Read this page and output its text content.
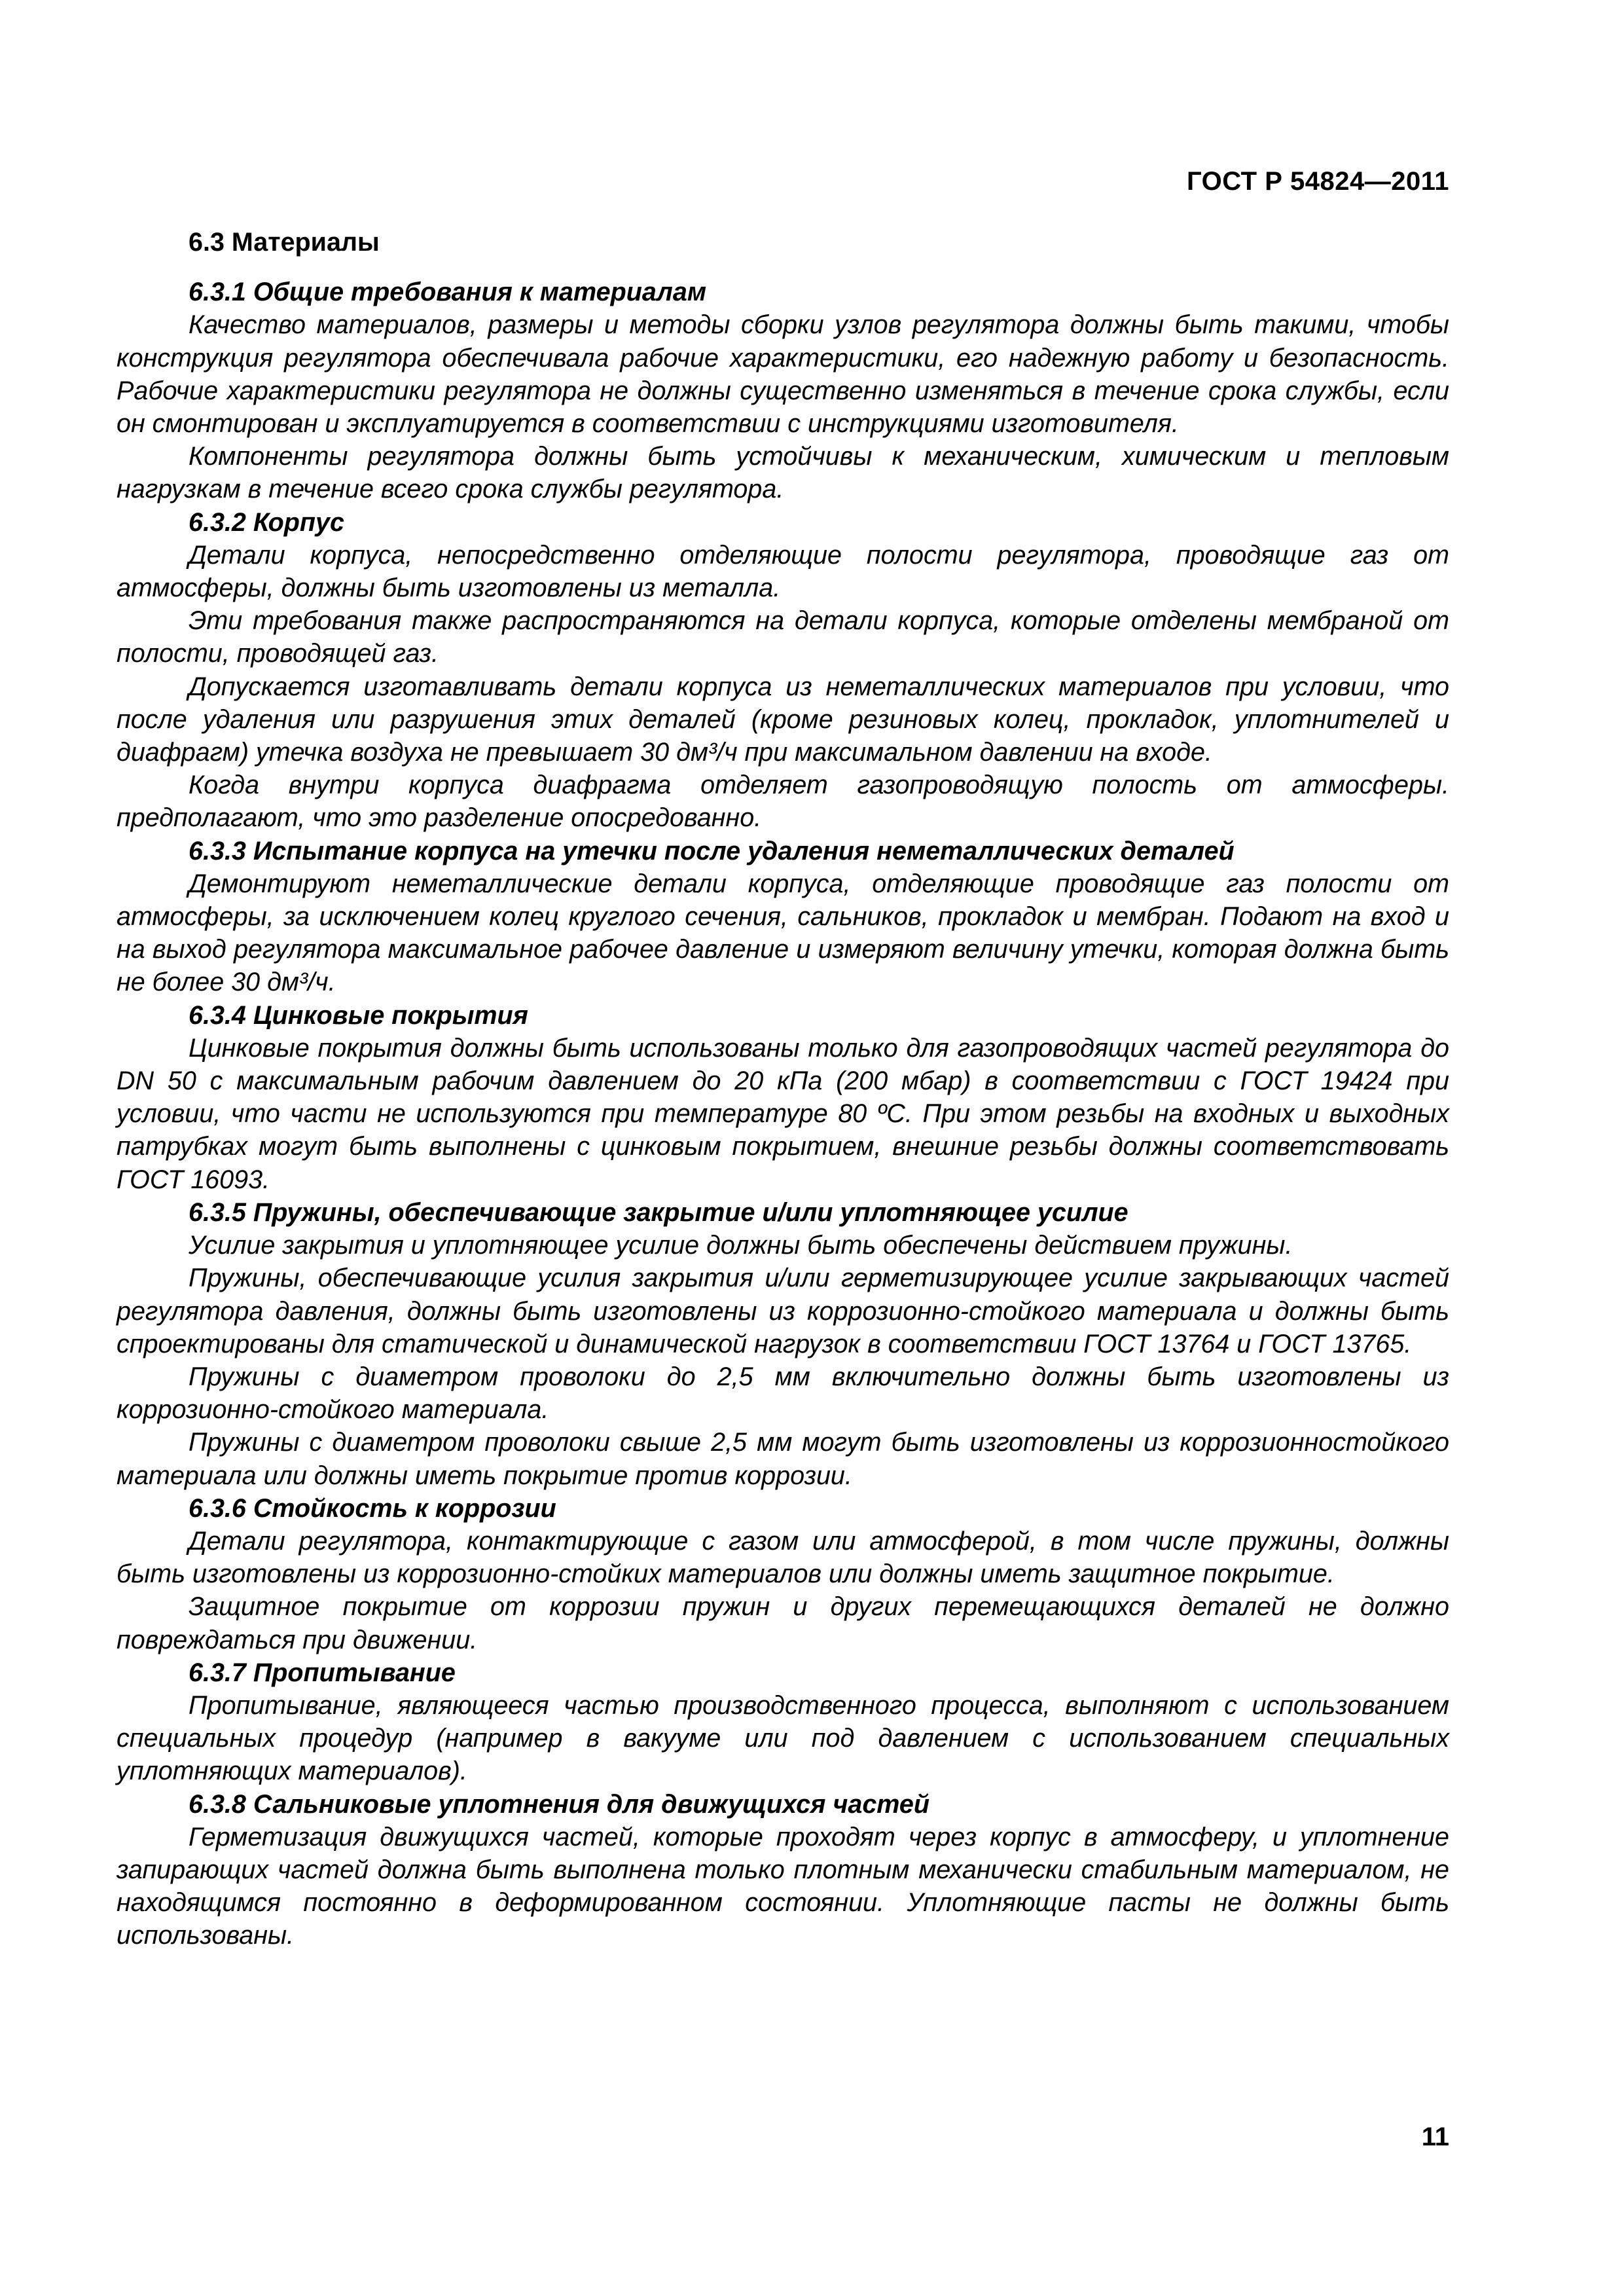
ГОСТ Р 54824—2011
6.3 Материалы
6.3.1 Общие требования к материалам

Качество материалов, размеры и методы сборки узлов регулятора должны быть такими, чтобы конструкция регулятора обеспечивала рабочие характеристики, его надежную работу и безопасность. Рабочие характеристики регулятора не должны существенно изменяться в течение срока службы, если он смонтирован и эксплуатируется в соответствии с инструкциями изготовителя.

Компоненты регулятора должны быть устойчивы к механическим, химическим и тепловым нагрузкам в течение всего срока службы регулятора.

6.3.2 Корпус

Детали корпуса, непосредственно отделяющие полости регулятора, проводящие газ от атмосферы, должны быть изготовлены из металла.

Эти требования также распространяются на детали корпуса, которые отделены мембраной от полости, проводящей газ.

Допускается изготавливать детали корпуса из неметаллических материалов при условии, что после удаления или разрушения этих деталей (кроме резиновых колец, прокладок, уплотнителей и диафрагм) утечка воздуха не превышает 30 дм³/ч при максимальном давлении на входе.

Когда внутри корпуса диафрагма отделяет газопроводящую полость от атмосферы. предполагают, что это разделение опосредованно.

6.3.3 Испытание корпуса на утечки после удаления неметаллических деталей

Демонтируют неметаллические детали корпуса, отделяющие проводящие газ полости от атмосферы, за исключением колец круглого сечения, сальников, прокладок и мембран. Подают на вход и на выход регулятора максимальное рабочее давление и измеряют величину утечки, которая должна быть не более 30 дм³/ч.

6.3.4 Цинковые покрытия

Цинковые покрытия должны быть использованы только для газопроводящих частей регулятора до DN 50 с максимальным рабочим давлением до 20 кПа (200 мбар) в соответствии с ГОСТ 19424 при условии, что части не используются при температуре 80 ºС. При этом резьбы на входных и выходных патрубках могут быть выполнены с цинковым покрытием, внешние резьбы должны соответствовать ГОСТ 16093.

6.3.5 Пружины, обеспечивающие закрытие и/или уплотняющее усилие

Усилие закрытия и уплотняющее усилие должны быть обеспечены действием пружины.

Пружины, обеспечивающие усилия закрытия и/или герметизирующее усилие закрывающих частей регулятора давления, должны быть изготовлены из коррозионно-стойкого материала и должны быть спроектированы для статической и динамической нагрузок в соответствии ГОСТ 13764 и ГОСТ 13765.

Пружины с диаметром проволоки до 2,5 мм включительно должны быть изготовлены из коррозионно-стойкого материала.

Пружины с диаметром проволоки свыше 2,5 мм могут быть изготовлены из коррозионностойкого материала или должны иметь покрытие против коррозии.

6.3.6 Стойкость к коррозии

Детали регулятора, контактирующие с газом или атмосферой, в том числе пружины, должны быть изготовлены из коррозионно-стойких материалов или должны иметь защитное покрытие.

Защитное покрытие от коррозии пружин и других перемещающихся деталей не должно повреждаться при движении.

6.3.7 Пропитывание

Пропитывание, являющееся частью производственного процесса, выполняют с использованием специальных процедур (например в вакууме или под давлением с использованием специальных уплотняющих материалов).

6.3.8 Сальниковые уплотнения для движущихся частей

Герметизация движущихся частей, которые проходят через корпус в атмосферу, и уплотнение запирающих частей должна быть выполнена только плотным механически стабильным материалом, не находящимся постоянно в деформированном состоянии. Уплотняющие пасты не должны быть использованы.

11
